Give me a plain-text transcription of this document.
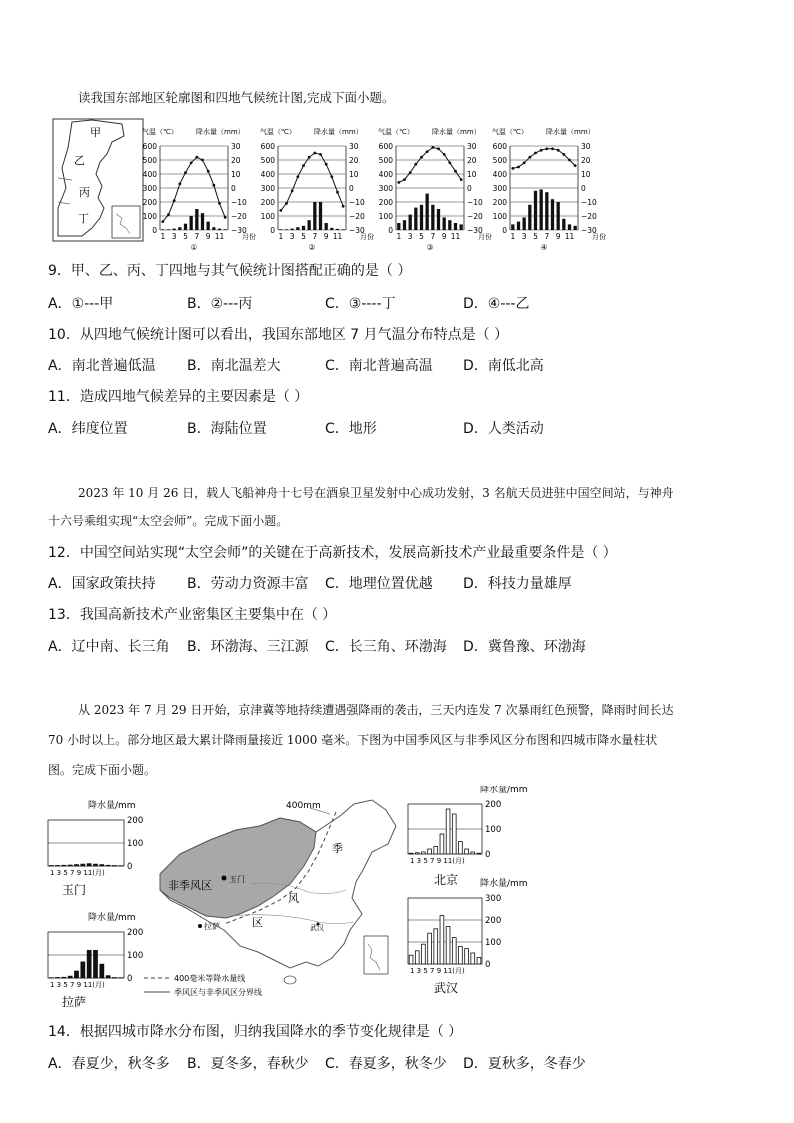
读我国东部地区轮廓图和四地气候统计图,完成下面小题。
甲
乙
丙
丁
气温（℃）	降水量（mm）
600	30
500	20
400	10
300	0
200	−10
100	−20
0	−30
1 3 5 7 9 11	月份
①
气温（℃）	降水量（mm）
600	30
500	20
400	10
300	0
200	−10
100	−20
0	−30
1 3 5 7 9 11	月份
②
气温（℃）	降水量（mm）
600	30
500	20
400	10
300	0
200	−10
100	−20
0	−30
1 3 5 7 9 11	月份
③
气温（℃）	降水量（mm）
600	30
500	20
400	10
300	0
200	−10
100	−20
0	−30
1 3 5 7 9 11	月份
④
9．甲、乙、丙、丁四地与其气候统计图搭配正确的是（ ）
A．①---甲	B．②---丙	C．③----丁	D．④---乙
10．从四地气候统计图可以看出，我国东部地区 7 月气温分布特点是（ ）
A．南北普遍低温 B．南北温差大	C．南北普遍高温 D．南低北高
11．造成四地气候差异的主要因素是（ ）
A．纬度位置	B．海陆位置	C．地形	D．人类活动
2023 年 10 月 26 日，载人飞船神舟十七号在酒泉卫星发射中心成功发射，3 名航天员进驻中国空间站，与神舟
十六号乘组实现“太空会师”。完成下面小题。
12．中国空间站实现“太空会师”的关键在于高新技术，发展高新技术产业最重要条件是（ ）
A．国家政策扶持 B．劳动力资源丰富 C．地理位置优越 D．科技力量雄厚
13．我国高新技术产业密集区主要集中在（ ）
A．辽中南、长三角 B．环渤海、三江源 C．长三角、环渤海 D．冀鲁豫、环渤海
从 2023 年 7 月 29 日开始，京津冀等地持续遭遇强降雨的袭击，三天内连发 7 次暴雨红色预警，降雨时间长达
70 小时以上。部分地区最大累计降雨量接近 1000 毫米。下图为中国季风区与非季风区分布图和四城市降水量柱状
图。完成下面小题。
400mm
非季风区 玉门
拉萨	武汉
季
风
区
400毫米等降水量线
季风区与非季风区分界线
降水量/mm
200
100
0
1 3 5 7 9 11(月)
玉门
降水量/mm
200
100
0
1 3 5 7 9 11(月)
拉萨
降水量/mm
200
100
0
1 3 5 7 9 11(月)
北京 降水量/mm
300
200
100
0
1 3 5 7 9 11(月)
武汉
14．根据四城市降水分布图，归纳我国降水的季节变化规律是（ ）
A．春夏少，秋冬多 B．夏冬多，春秋少 C．春夏多，秋冬少 D．夏秋多，冬春少
